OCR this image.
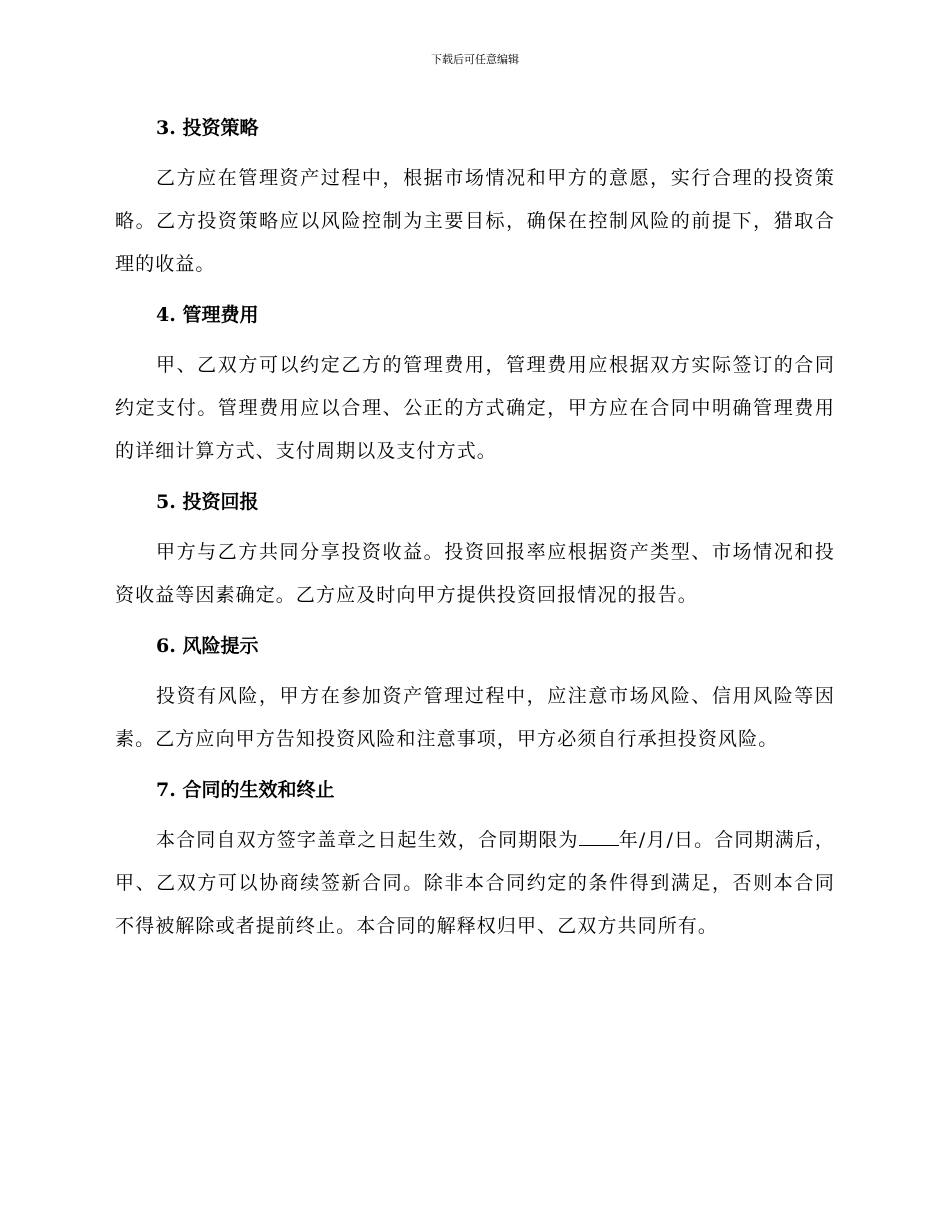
下载后可任意编辑
3. 投资策略

乙方应在管理资产过程中，根据市场情况和甲方的意愿，实行合理的投资策略。乙方投资策略应以风险控制为主要目标，确保在控制风险的前提下，猎取合理的收益。

4. 管理费用

甲、乙双方可以约定乙方的管理费用，管理费用应根据双方实际签订的合同约定支付。管理费用应以合理、公正的方式确定，甲方应在合同中明确管理费用的详细计算方式、支付周期以及支付方式。

5. 投资回报

甲方与乙方共同分享投资收益。投资回报率应根据资产类型、市场情况和投资收益等因素确定。乙方应及时向甲方提供投资回报情况的报告。

6. 风险提示

投资有风险，甲方在参加资产管理过程中，应注意市场风险、信用风险等因素。乙方应向甲方告知投资风险和注意事项，甲方必须自行承担投资风险。

7. 合同的生效和终止

本合同自双方签字盖章之日起生效，合同期限为 年/月/日。合同期满后，甲、乙双方可以协商续签新合同。除非本合同约定的条件得到满足，否则本合同不得被解除或者提前终止。本合同的解释权归甲、乙双方共同所有。
